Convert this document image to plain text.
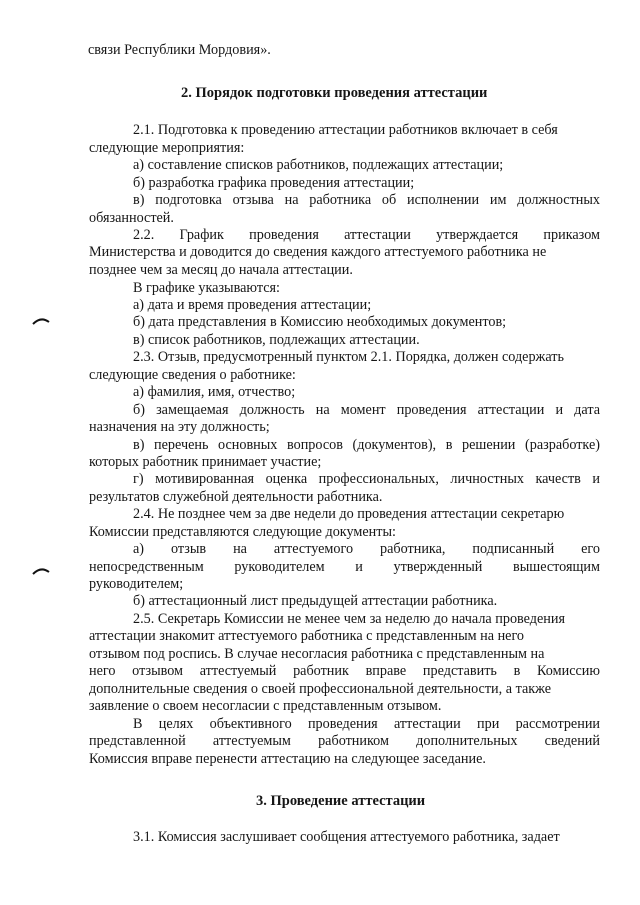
связи Республики Мордовия».

2. Порядок подготовки проведения аттестации

2.1. Подготовка к проведению аттестации работников включает в себя

следующие мероприятия:

а) составление списков работников, подлежащих аттестации;

б) разработка графика проведения аттестации;

в) подготовка отзыва на работника об исполнении им должностных

обязанностей.

2.2. График проведения аттестации утверждается приказом

Министерства и доводится до сведения каждого аттестуемого работника не

позднее чем за месяц до начала аттестации.

В графике указываются:

а) дата и время проведения аттестации;

б) дата представления в Комиссию необходимых документов;

в) список работников, подлежащих аттестации.

2.3. Отзыв, предусмотренный пунктом 2.1. Порядка, должен содержать

следующие сведения о работнике:

а) фамилия, имя, отчество;

б) замещаемая должность на момент проведения аттестации и дата

назначения на эту должность;

в) перечень основных вопросов (документов), в решении (разработке)

которых работник принимает участие;

г) мотивированная оценка профессиональных, личностных качеств и

результатов служебной деятельности работника.

2.4. Не позднее чем за две недели до проведения аттестации секретарю

Комиссии представляются следующие документы:

а) отзыв на аттестуемого работника, подписанный его

непосредственным руководителем и утвержденный вышестоящим

руководителем;

б) аттестационный лист предыдущей аттестации работника.

2.5. Секретарь Комиссии не менее чем за неделю до начала проведения

аттестации знакомит аттестуемого работника с представленным на него

отзывом под роспись. В случае несогласия работника с представленным на

него отзывом аттестуемый работник вправе представить в Комиссию

дополнительные сведения о своей профессиональной деятельности, а также

заявление о своем несогласии с представленным отзывом.

В целях объективного проведения аттестации при рассмотрении

представленной аттестуемым работником дополнительных сведений

Комиссия вправе перенести аттестацию на следующее заседание.

3. Проведение аттестации

3.1. Комиссия заслушивает сообщения аттестуемого работника, задает
